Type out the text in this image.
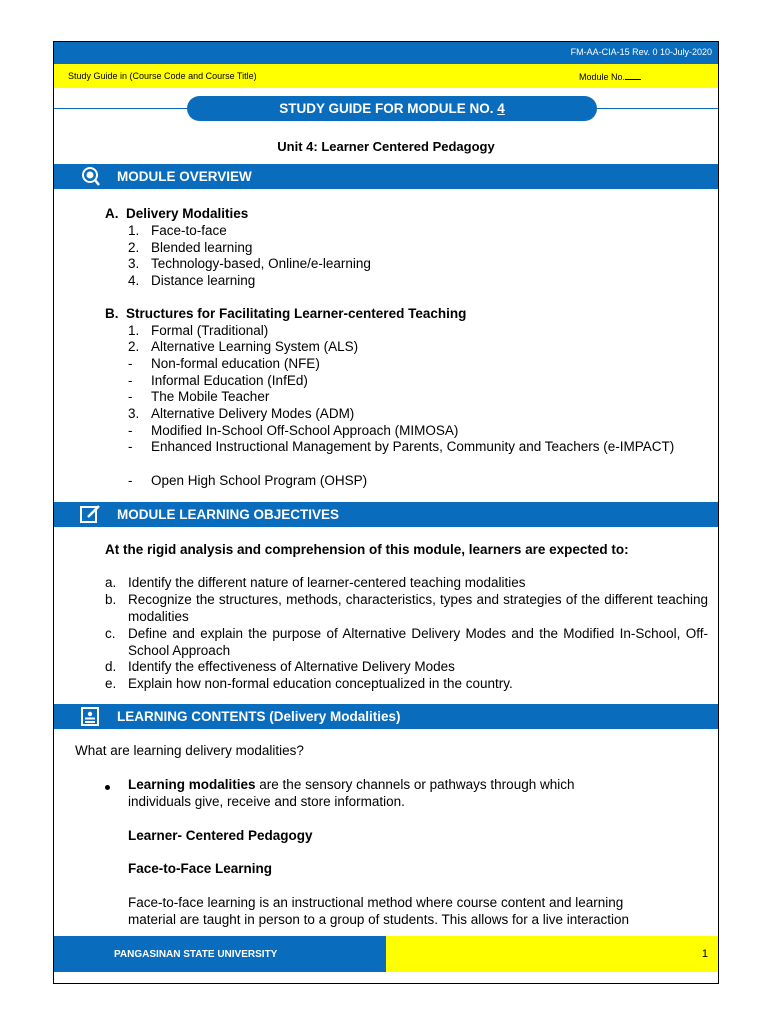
FM-AA-CIA-15 Rev. 0 10-July-2020
Study Guide in (Course Code and Course Title)	Module No.
STUDY GUIDE FOR MODULE NO. 4
Unit 4: Learner Centered Pedagogy
MODULE OVERVIEW
A. Delivery Modalities
1. Face-to-face
2. Blended learning
3. Technology-based, Online/e-learning
4. Distance learning
B. Structures for Facilitating Learner-centered Teaching
1. Formal (Traditional)
2. Alternative Learning System (ALS)
- Non-formal education (NFE)
- Informal Education (InfEd)
- The Mobile Teacher
3. Alternative Delivery Modes (ADM)
- Modified In-School Off-School Approach (MIMOSA)
- Enhanced Instructional Management by Parents, Community and Teachers (e-IMPACT)
- Open High School Program (OHSP)
MODULE LEARNING OBJECTIVES
At the rigid analysis and comprehension of this module, learners are expected to:
a. Identify the different nature of learner-centered teaching modalities
b. Recognize the structures, methods, characteristics, types and strategies of the different teaching modalities
c. Define and explain the purpose of Alternative Delivery Modes and the Modified In-School, Off-School Approach
d. Identify the effectiveness of Alternative Delivery Modes
e. Explain how non-formal education conceptualized in the country.
LEARNING CONTENTS (Delivery Modalities)
What are learning delivery modalities?
Learning modalities are the sensory channels or pathways through which
individuals give, receive and store information.
Learner- Centered Pedagogy
Face-to-Face Learning
Face-to-face learning is an instructional method where course content and learning
material are taught in person to a group of students. This allows for a live interaction
PANGASINAN STATE UNIVERSITY	1
